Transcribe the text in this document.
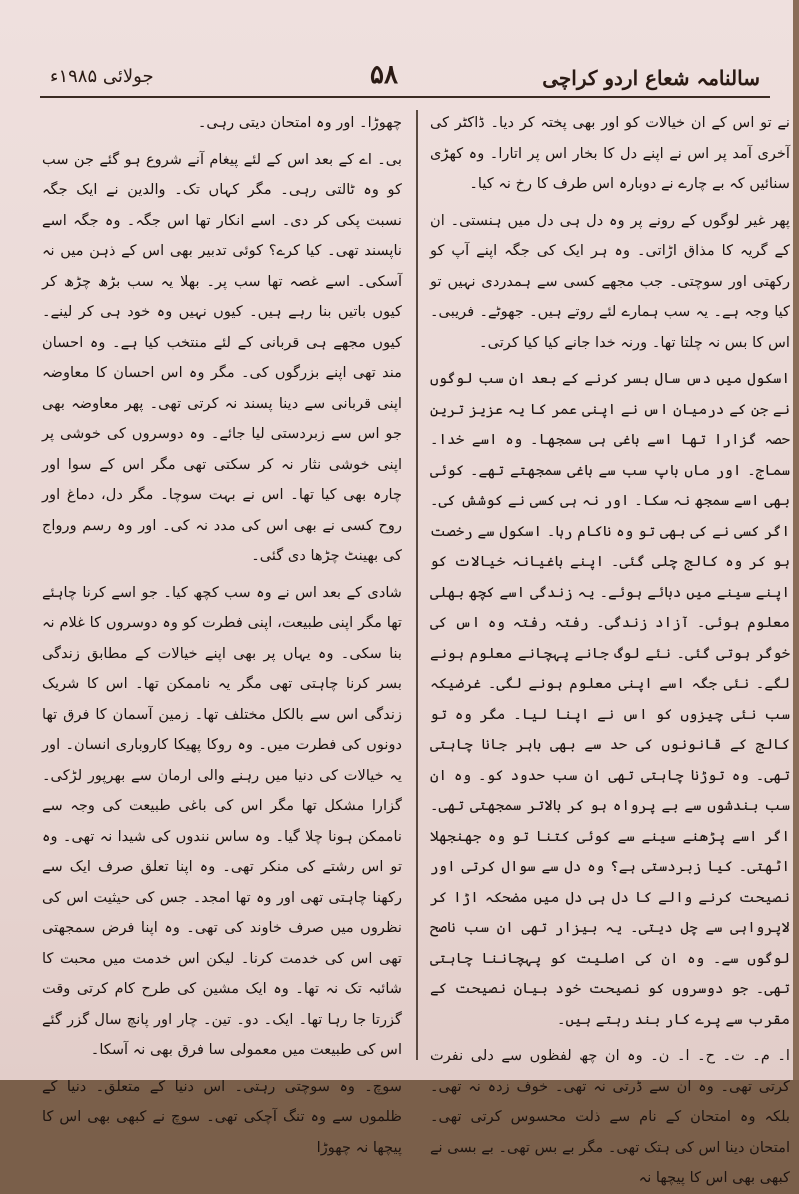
سالنامہ شعاع اردو کراچی
۵۸
جولائی ۱۹۸۵ء

نے تو اس کے ان خیالات کو اور بھی پختہ کر دیا۔ ڈاکٹر کی آخری آمد پر اس نے اپنے دل کا بخار اس پر اتارا۔ وہ کھڑی سنائیں کہ بے چارے نے دوبارہ اس طرف کا رخ نہ کیا۔

پھر غیر لوگوں کے رونے پر وہ دل ہی دل میں ہنستی۔ ان کے گریہ کا مذاق اڑاتی۔ وہ ہر ایک کی جگہ اپنے آپ کو رکھتی اور سوچتی۔ جب مجھے کسی سے ہمدردی نہیں تو کیا وجہ ہے۔ یہ سب ہمارے لئے روتے ہیں۔ جھوٹے۔ فریبی۔ اس کا بس نہ چلتا تھا۔ ورنہ خدا جانے کیا کیا کرتی۔

اسکول میں دس سال بسر کرنے کے بعد ان سب لوگوں نے جن کے درمیان اس نے اپنی عمر کا یہ عزیز ترین حصہ گزارا تھا اسے باغی ہی سمجھا۔ وہ اسے خدا۔ سماج۔ اور ماں باپ سب سے باغی سمجھتے تھے۔ کوئی بھی اسے سمجھ نہ سکا۔ اور نہ ہی کسی نے کوشش کی۔ اگر کسی نے کی بھی تو وہ ناکام رہا۔ اسکول سے رخصت ہو کر وہ کالج چلی گئی۔ اپنے باغیانہ خیالات کو اپنے سینے میں دبائے ہوئے۔ یہ زندگی اسے کچھ بھلی معلوم ہوئی۔ آزاد زندگی۔ رفتہ رفتہ وہ اس کی خوگر ہوتی گئی۔ نئے لوگ جانے پہچانے معلوم ہونے لگے۔ نئی جگہ اسے اپنی معلوم ہونے لگی۔ غرضیکہ سب نئی چیزوں کو اس نے اپنا لیا۔ مگر وہ تو کالج کے قانونوں کی حد سے بھی باہر جانا چاہتی تھی۔ وہ توڑنا چاہتی تھی ان سب حدود کو۔ وہ ان سب بندشوں سے بے پرواہ ہو کر بالاتر سمجھتی تھی۔ اگر اسے پڑھنے سینے سے کوئی کتنا تو وہ جھنجھلا اٹھتی۔ کیا زبردستی ہے؟ وہ دل سے سوال کرتی اور نصیحت کرنے والے کا دل ہی دل میں مضحکہ اڑا کر لاپرواہی سے چل دیتی۔ یہ بیزار تھی ان سب ناصح لوگوں سے۔ وہ ان کی اصلیت کو پہچاننا چاہتی تھی۔ جو دوسروں کو نصیحت خود بیان نصیحت کے مقرب سے پرے کار بند رہتے ہیں۔

ا۔ م۔ ت۔ ح۔ ا۔ ن۔ وہ ان چھ لفظوں سے دلی نفرت کرتی تھی۔ وہ ان سے ڈرتی نہ تھی۔ خوف زدہ نہ تھی۔ بلکہ وہ امتحان کے نام سے ذلت محسوس کرتی تھی۔ امتحان دینا اس کی ہتک تھی۔ مگر بے بس تھی۔ بے بسی نے کبھی بھی اس کا پیچھا نہ

چھوڑا۔ اور وہ امتحان دیتی رہی۔

بی۔ اے کے بعد اس کے لئے پیغام آنے شروع ہو گئے جن سب کو وہ ٹالتی رہی۔ مگر کہاں تک۔ والدین نے ایک جگہ نسبت پکی کر دی۔ اسے انکار تھا اس جگہ۔ وہ جگہ اسے ناپسند تھی۔ کیا کرے؟ کوئی تدبیر بھی اس کے ذہن میں نہ آسکی۔ اسے غصہ تھا سب پر۔ بھلا یہ سب بڑھ چڑھ کر کیوں باتیں بنا رہے ہیں۔ کیوں نہیں وہ خود ہی کر لینے۔ کیوں مجھے ہی قربانی کے لئے منتخب کیا ہے۔ وہ احسان مند تھی اپنے بزرگوں کی۔ مگر وہ اس احسان کا معاوضہ اپنی قربانی سے دینا پسند نہ کرتی تھی۔ پھر معاوضہ بھی جو اس سے زبردستی لیا جائے۔ وہ دوسروں کی خوشی پر اپنی خوشی نثار نہ کر سکتی تھی مگر اس کے سوا اور چارہ بھی کیا تھا۔ اس نے بہت سوچا۔ مگر دل، دماغ اور روح کسی نے بھی اس کی مدد نہ کی۔ اور وہ رسم ورواج کی بھینٹ چڑھا دی گئی۔

شادی کے بعد اس نے وہ سب کچھ کیا۔ جو اسے کرنا چاہئے تھا مگر اپنی طبیعت، اپنی فطرت کو وہ دوسروں کا غلام نہ بنا سکی۔ وہ یہاں پر بھی اپنے خیالات کے مطابق زندگی بسر کرنا چاہتی تھی مگر یہ ناممکن تھا۔ اس کا شریک زندگی اس سے بالکل مختلف تھا۔ زمین آسمان کا فرق تھا دونوں کی فطرت میں۔ وہ روکا پھیکا کاروباری انسان۔ اور یہ خیالات کی دنیا میں رہنے والی ارمان سے بھرپور لڑکی۔ گزارا مشکل تھا مگر اس کی باغی طبیعت کی وجہ سے ناممکن ہونا چلا گیا۔ وہ ساس نندوں کی شیدا نہ تھی۔ وہ تو اس رشتے کی منکر تھی۔ وہ اپنا تعلق صرف ایک سے رکھنا چاہتی تھی اور وہ تھا امجد۔ جس کی حیثیت اس کی نظروں میں صرف خاوند کی تھی۔ وہ اپنا فرض سمجھتی تھی اس کی خدمت کرنا۔ لیکن اس خدمت میں محبت کا شائبہ تک نہ تھا۔ وہ ایک مشین کی طرح کام کرتی وقت گزرتا جا رہا تھا۔ ایک۔ دو۔ تین۔ چار اور پانچ سال گزر گئے اس کی طبیعت میں معمولی سا فرق بھی نہ آسکا۔

سوچ۔ وہ سوچتی رہتی۔ اس دنیا کے متعلق۔ دنیا کے ظلموں سے وہ تنگ آچکی تھی۔ سوچ نے کبھی بھی اس کا پیچھا نہ چھوڑا
